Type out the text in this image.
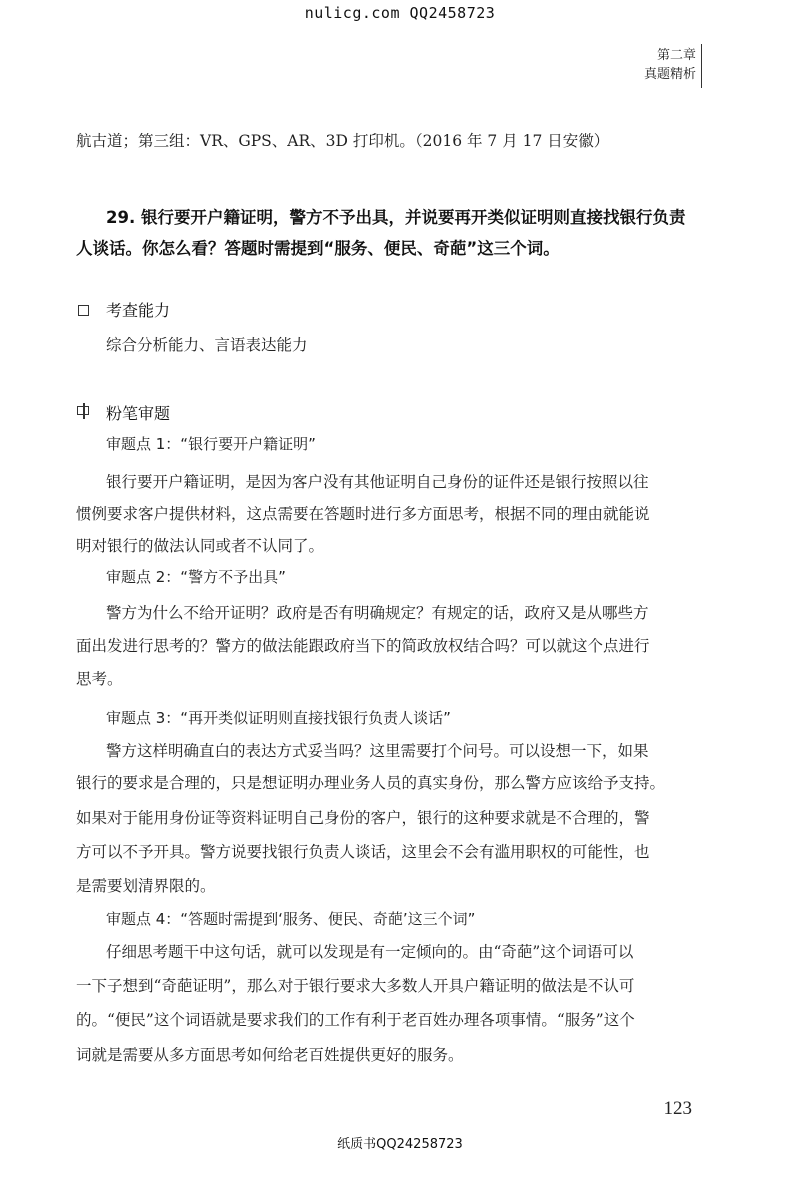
nulicg.com QQ2458723
第二章
真题精析
航古道；第三组：VR、GPS、AR、3D 打印机。（2016 年 7 月 17 日安徽）
29. 银行要开户籍证明，警方不予出具，并说要再开类似证明则直接找银行负责
人谈话。你怎么看？答题时需提到“服务、便民、奇葩”这三个词。
考查能力
综合分析能力、言语表达能力
粉笔审题
审题点 1：“银行要开户籍证明”
银行要开户籍证明，是因为客户没有其他证明自己身份的证件还是银行按照以往
惯例要求客户提供材料，这点需要在答题时进行多方面思考，根据不同的理由就能说
明对银行的做法认同或者不认同了。
审题点 2：“警方不予出具”
警方为什么不给开证明？政府是否有明确规定？有规定的话，政府又是从哪些方
面出发进行思考的？警方的做法能跟政府当下的简政放权结合吗？可以就这个点进行
思考。
审题点 3：“再开类似证明则直接找银行负责人谈话”
警方这样明确直白的表达方式妥当吗？这里需要打个问号。可以设想一下，如果
银行的要求是合理的，只是想证明办理业务人员的真实身份，那么警方应该给予支持。
如果对于能用身份证等资料证明自己身份的客户，银行的这种要求就是不合理的，警
方可以不予开具。警方说要找银行负责人谈话，这里会不会有滥用职权的可能性，也
是需要划清界限的。
审题点 4：“答题时需提到‘服务、便民、奇葩’这三个词”
仔细思考题干中这句话，就可以发现是有一定倾向的。由“奇葩”这个词语可以
一下子想到“奇葩证明”，那么对于银行要求大多数人开具户籍证明的做法是不认可
的。“便民”这个词语就是要求我们的工作有利于老百姓办理各项事情。“服务”这个
词就是需要从多方面思考如何给老百姓提供更好的服务。
123
纸质书QQ24258723
